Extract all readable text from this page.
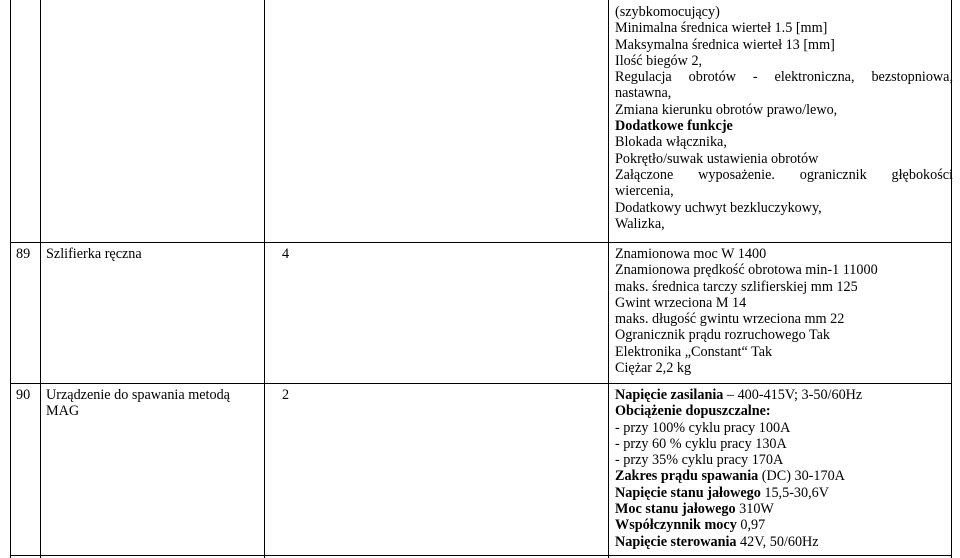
(szybkomocujący)
Minimalna średnica wierteł 1.5 [mm]
Maksymalna średnica wierteł 13 [mm]
Ilość biegów 2,
Regulacja obrotów - elektroniczna, bezstopniowa,
nastawna,
Zmiana kierunku obrotów prawo/lewo,
Dodatkowe funkcje
Blokada włącznika,
Pokrętło/suwak ustawienia obrotów
Załączone wyposażenie. ogranicznik głębokości
wiercenia,
Dodatkowy uchwyt bezkluczykowy,
Walizka,
89 Szlifierka ręczna	4	Znamionowa moc W 1400
Znamionowa prędkość obrotowa min-1 11000
maks. średnica tarczy szlifierskiej mm 125
Gwint wrzeciona M 14
maks. długość gwintu wrzeciona mm 22
Ogranicznik prądu rozruchowego Tak
Elektronika „Constant“ Tak
Ciężar 2,2 kg
90 Urządzenie do spawania metodą
MAG
2	Napięcie zasilania – 400-415V; 3-50/60Hz
Obciążenie dopuszczalne:
- przy 100% cyklu pracy 100A
- przy 60 % cyklu pracy 130A
- przy 35% cyklu pracy 170A
Zakres prądu spawania (DC) 30-170A
Napięcie stanu jałowego 15,5-30,6V
Moc stanu jałowego 310W
Współczynnik mocy 0,97
Napięcie sterowania 42V, 50/60Hz
